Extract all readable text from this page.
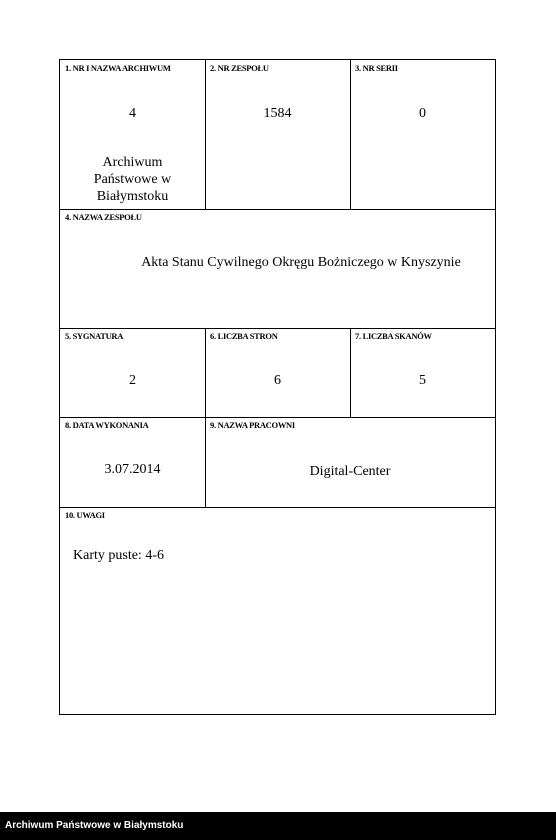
1. NR I NAZWA ARCHIWUM
4
Archiwum
Państwowe w
Białymstoku
2. NR ZESPOŁU
1584
3. NR SERII
0
4. NAZWA ZESPOŁU
Akta Stanu Cywilnego Okręgu Bożniczego w Knyszynie
5. SYGNATURA
2
6. LICZBA STRON
6
7. LICZBA SKANÓW
5
8. DATA WYKONANIA
3.07.2014
9. NAZWA PRACOWNI
Digital-Center
10. UWAGI
Karty puste: 4-6
Archiwum Państwowe w Białymstoku
